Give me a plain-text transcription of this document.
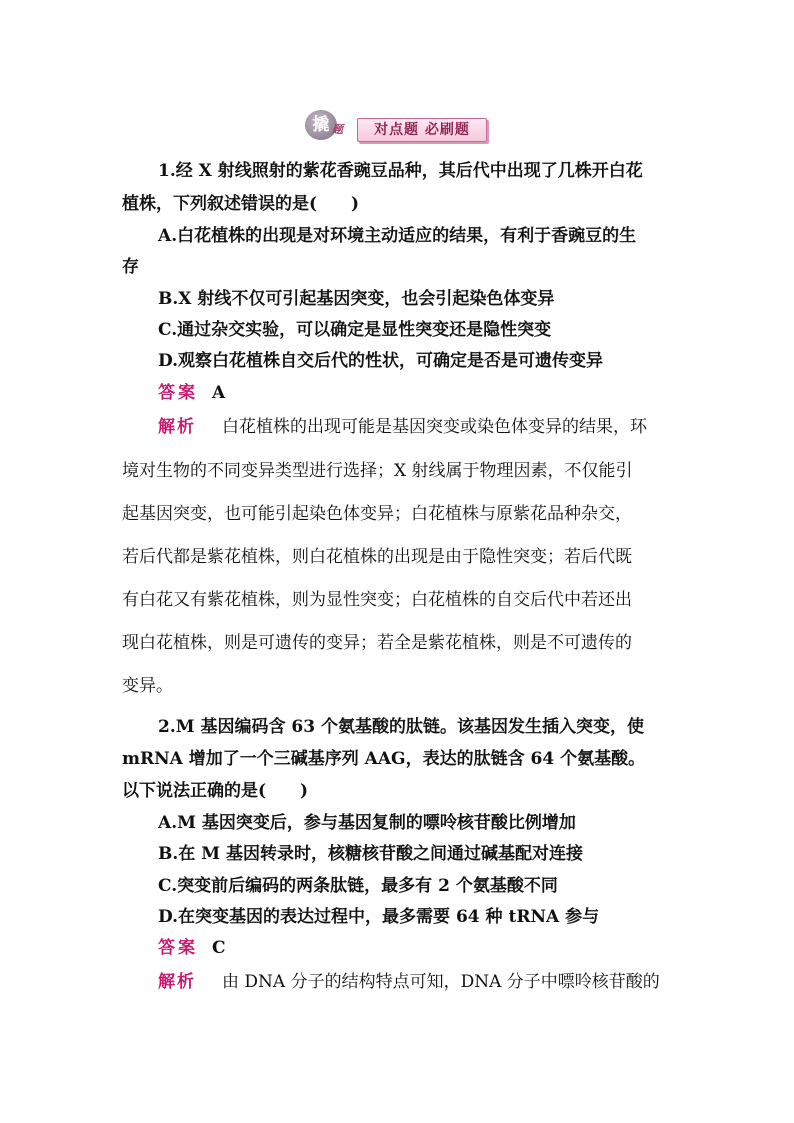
撬 题	对点题 必刷题
1.经 X 射线照射的紫花香豌豆品种，其后代中出现了几株开白花
植株，下列叙述错误的是(　　)
A.白花植株的出现是对环境主动适应的结果，有利于香豌豆的生
存
B.X 射线不仅可引起基因突变，也会引起染色体变异
C.通过杂交实验，可以确定是显性突变还是隐性突变
D.观察白花植株自交后代的性状，可确定是否是可遗传变异
答案 A
解析 白花植株的出现可能是基因突变或染色体变异的结果，环
境对生物的不同变异类型进行选择；X 射线属于物理因素，不仅能引
起基因突变，也可能引起染色体变异；白花植株与原紫花品种杂交，
若后代都是紫花植株，则白花植株的出现是由于隐性突变；若后代既
有白花又有紫花植株，则为显性突变；白花植株的自交后代中若还出
现白花植株，则是可遗传的变异；若全是紫花植株，则是不可遗传的
变异。
2.M 基因编码含 63 个氨基酸的肽链。该基因发生插入突变，使
mRNA 增加了一个三碱基序列 AAG，表达的肽链含 64 个氨基酸。
以下说法正确的是(　　)
A.M 基因突变后，参与基因复制的嘌呤核苷酸比例增加
B.在 M 基因转录时，核糖核苷酸之间通过碱基配对连接
C.突变前后编码的两条肽链，最多有 2 个氨基酸不同
D.在突变基因的表达过程中，最多需要 64 种 tRNA 参与
答案 C
解析 由 DNA 分子的结构特点可知，DNA 分子中嘌呤核苷酸的
